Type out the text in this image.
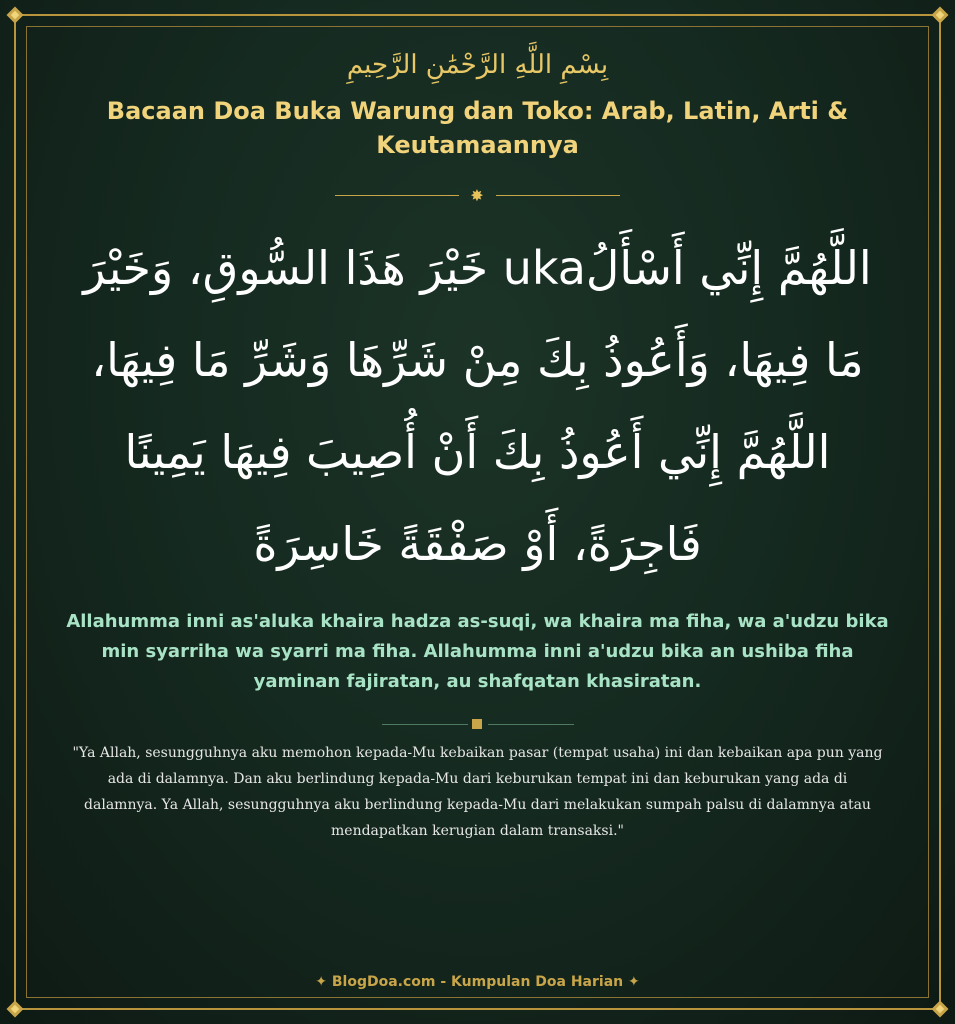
بِسْمِ اللَّهِ الرَّحْمَٰنِ الرَّحِيمِ
Bacaan Doa Buka Warung dan Toko: Arab, Latin, Arti & Keutamaannya
✸
اللَّهُمَّ إِنِّي أَسْأَلُuka خَيْرَ هَذَا السُّوقِ، وَخَيْرَ مَا فِيهَا، وَأَعُوذُ بِكَ مِنْ شَرِّهَا وَشَرِّ مَا فِيهَا، اللَّهُمَّ إِنِّي أَعُوذُ بِكَ أَنْ أُصِيبَ فِيهَا يَمِينًا فَاجِرَةً، أَوْ صَفْقَةً خَاسِرَةً
Allahumma inni as'aluka khaira hadza as-suqi, wa khaira ma fiha, wa a'udzu bika min syarriha wa syarri ma fiha. Allahumma inni a'udzu bika an ushiba fiha yaminan fajiratan, au shafqatan khasiratan.
"Ya Allah, sesungguhnya aku memohon kepada-Mu kebaikan pasar (tempat usaha) ini dan kebaikan apa pun yang ada di dalamnya. Dan aku berlindung kepada-Mu dari keburukan tempat ini dan keburukan yang ada di dalamnya. Ya Allah, sesungguhnya aku berlindung kepada-Mu dari melakukan sumpah palsu di dalamnya atau mendapatkan kerugian dalam transaksi."
✦ BlogDoa.com - Kumpulan Doa Harian ✦
